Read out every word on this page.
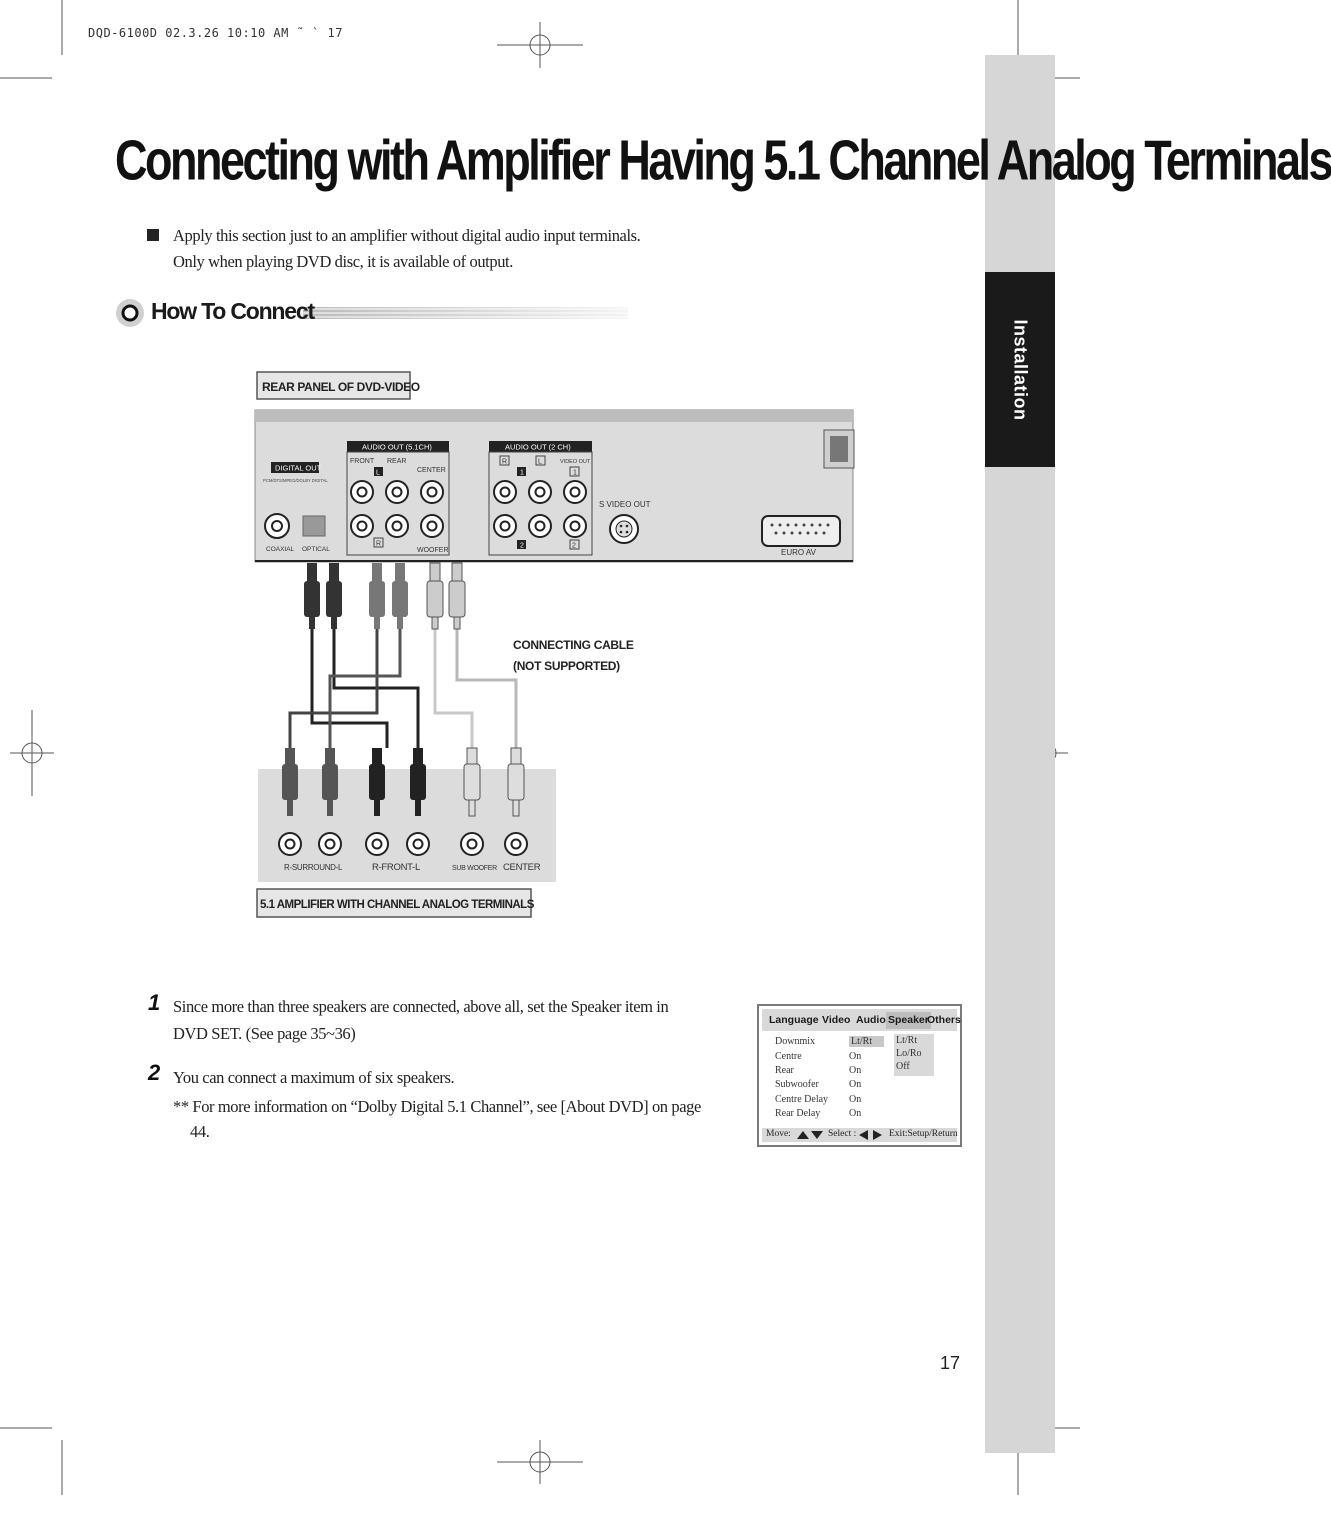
DQD-6100D 02.3.26 10:10 AM ˜ ` 17
Installation
Connecting with Amplifier Having 5.1 Channel Analog Terminals
Apply this section just to an amplifier without digital audio input terminals.
Only when playing DVD disc, it is available of output.
How To Connect
REAR PANEL OF DVD-VIDEO
DIGITAL OUT
PCM/DTS/MPEG/DOLBY DIGITAL
COAXIAL OPTICAL
AUDIO OUT (5.1CH)
FRONT REAR
CENTER
L
R
WOOFER
AUDIO OUT (2 CH)
R	L	VIDEO OUT
1	1
2	2
S VIDEO OUT
EURO AV
CONNECTING CABLE
(NOT SUPPORTED)
R-SURROUND-L	R-FRONT-L	SUB WOOFER CENTER
5.1 AMPLIFIER WITH CHANNEL ANALOG TERMINALS
1 Since more than three speakers are connected, above all, set the Speaker item in
DVD SET. (See page 35~36)
2 You can connect a maximum of six speakers.
** For more information on “Dolby Digital 5.1 Channel”, see [About DVD] on page
44.
Language Video Audio Speaker
Others
Lt/Rt
Lo/Ro
Off
Downmix	Lt/Rt
Centre	On
Rear	On
Subwoofer	On
Centre Delay On
Rear Delay	On
Move:	Select :	Exit:Setup/Return
17
